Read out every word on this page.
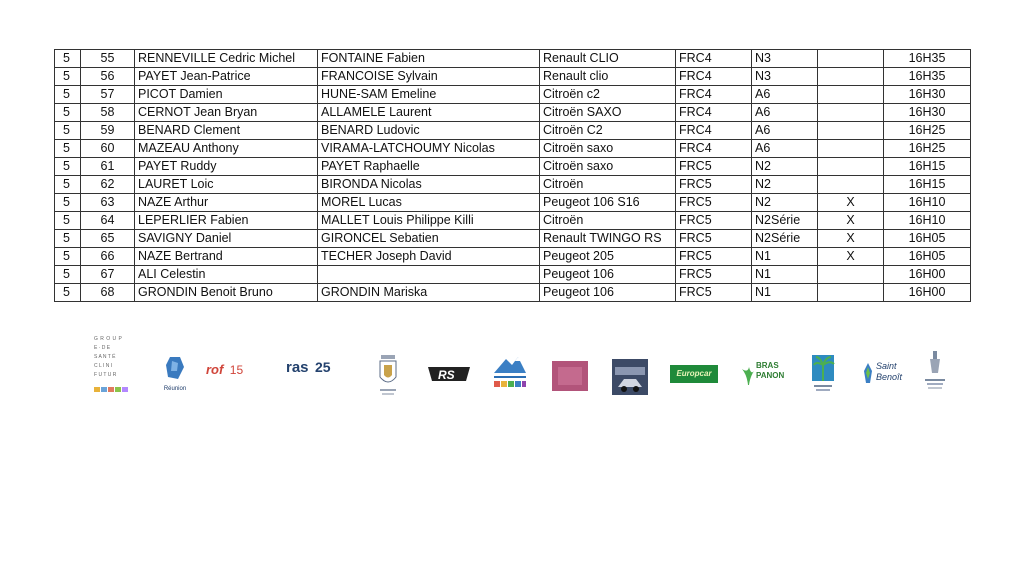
5	55	RENNEVILLE Cedric Michel	FONTAINE Fabien	Renault CLIO	FRC4	N3		16H35
5	56	PAYET Jean-Patrice	FRANCOISE Sylvain	Renault clio	FRC4	N3		16H35
5	57	PICOT Damien	HUNE-SAM Emeline	Citroën c2	FRC4	A6		16H30
5	58	CERNOT Jean Bryan	ALLAMELE Laurent	Citroën SAXO	FRC4	A6		16H30
5	59	BENARD Clement	BENARD Ludovic	Citroën C2	FRC4	A6		16H25
5	60	MAZEAU Anthony	VIRAMA-LATCHOUMY Nicolas	Citroën saxo	FRC4	A6		16H25
5	61	PAYET Ruddy	PAYET Raphaelle	Citroën saxo	FRC5	N2		16H15
5	62	LAURET Loic	BIRONDA Nicolas	Citroën	FRC5	N2		16H15
5	63	NAZE Arthur	MOREL Lucas	Peugeot 106 S16	FRC5	N2	X	16H10
5	64	LEPERLIER Fabien	MALLET Louis Philippe Killi	Citroën	FRC5	N2Série	X	16H10
5	65	SAVIGNY Daniel	GIRONCEL Sebatien	Renault TWINGO RS	FRC5	N2Série	X	16H05
5	66	NAZE Bertrand	TECHER Joseph David	Peugeot 205	FRC5	N1	X	16H05
5	67	ALI Celestin		Peugeot 106	FRC5	N1		16H00
5	68	GRONDIN Benoit Bruno	GRONDIN Mariska	Peugeot 106	FRC5	N1		16H00
G R O U P
E · D E
S A N T É
C L I N I
F U T U R
Réunion
rof 15	ras 25	RS	Europcar
BRAS
PANON
Saint
Benoît
